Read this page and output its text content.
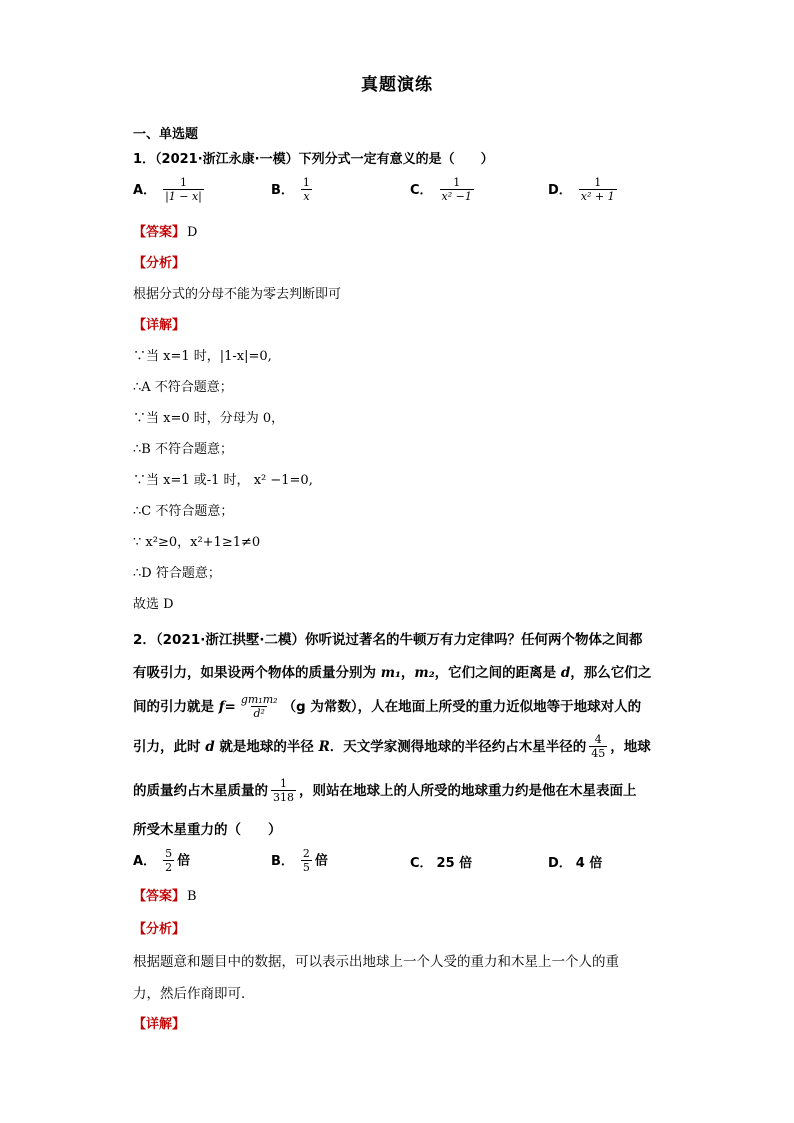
真题演练
一、单选题
1．（2021·浙江永康·一模）下列分式一定有意义的是（　　）
A． $\frac{1}{|1 - x|}$	B． $\frac{1}{x}$	C． $\frac{1}{\text{x² −1}}$	D． $\frac{1}{\text{x² + 1}}$
【答案】 D
【分析】
根据分式的分母不能为零去判断即可
【详解】
∵当 x=1 时，|1-x|=0,
∴A 不符合题意；
∵当 x=0 时，分母为 0，
∴B 不符合题意；
∵当 x=1 或-1 时， x² −1=0,
∴C 不符合题意；
∵ x²≥0，x²+1≥1≠0
∴D 符合题意；
故选 D
2．（2021·浙江拱墅·二模）你听说过著名的牛顿万有力定律吗？任何两个物体之间都
有吸引力，如果设两个物体的质量分别为 m₁，m₂，它们之间的距离是 d，那么它们之
间的引力就是 $f= \frac{\text{gm₁m₂}}{\text{d²}} (g$ 为常数），人在地面上所受的重力近似地等于地球对人的
引力，此时 d 就是地球的半径 R．天文学家测得地球的半径约占木星半径的 $\frac{4}{45}$ ，地球
的质量约占木星质量的 $\frac{1}{318}$ ，则站在地球上的人所受的地球重力约是他在木星表面上
所受木星重力的（　　）
A． $\frac{5}{2}$ 倍	B． $\frac{2}{5}$ 倍	C． 25 倍	D． 4 倍
【答案】 B
【分析】
根据题意和题目中的数据，可以表示出地球上一个人受的重力和木星上一个人的重
力，然后作商即可．
【详解】
